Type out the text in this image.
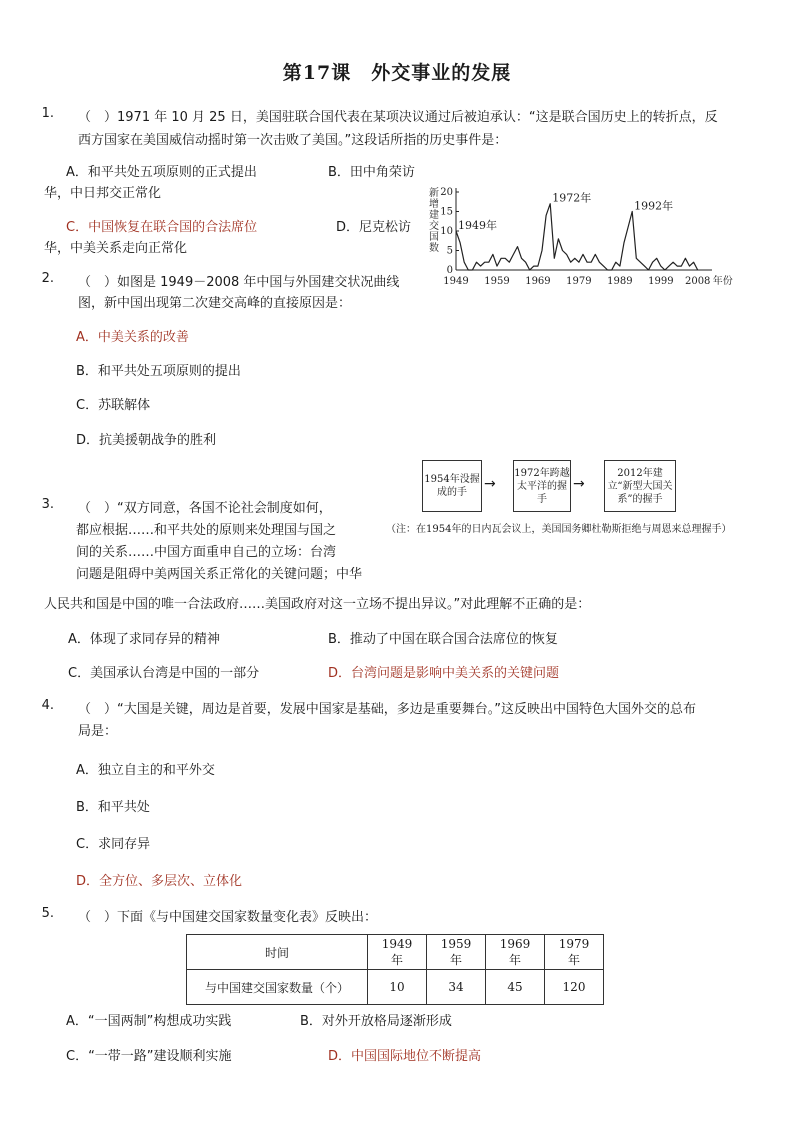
第17课　外交事业的发展
1. （　）1971 年 10 月 25 日，美国驻联合国代表在某项决议通过后被迫承认：“这是联合国历史上的转折点，反
西方国家在美国威信动摇时第一次击败了美国。”这段话所指的历史事件是：
A．和平共处五项原则的正式提出	B．田中角荣访
华，中日邦交正常化
C．中国恢复在联合国的合法席位	D．尼克松访
华，中美关系走向正常化
0
5
10
15
20
新
增
建
交
国
数
1949 1959 1969 1979 1989 1999 2008 年份
1949年
1972年
1992年
2. （　）如图是 1949－2008 年中国与外国建交状况曲线
图，新中国出现第二次建交高峰的直接原因是：
A．中美关系的改善
B．和平共处五项原则的提出
C．苏联解体
D．抗美援朝战争的胜利
1954年没握成的手
→
1972年跨越太平洋的握手
→
2012年建立“新型大国关系”的握手
（注：在1954年的日内瓦会议上，美国国务卿杜勒斯拒绝与周恩来总理握手）
3. （　）“双方同意，各国不论社会制度如何，
都应根据……和平共处的原则来处理国与国之
间的关系……中国方面重申自己的立场：台湾
问题是阻碍中美两国关系正常化的关键问题；中华
人民共和国是中国的唯一合法政府……美国政府对这一立场不提出异议。”对此理解不正确的是：
A．体现了求同存异的精神	B．推动了中国在联合国合法席位的恢复
C．美国承认台湾是中国的一部分	D．台湾问题是影响中美关系的关键问题
4. （　）“大国是关键，周边是首要，发展中国家是基础，多边是重要舞台。”这反映出中国特色大国外交的总布
局是：
A．独立自主的和平外交
B．和平共处
C．求同存异
D．全方位、多层次、立体化
5. （　）下面《与中国建交国家数量变化表》反映出：
时间	1949 年	1959 年	1969 年	1979 年
与中国建交国家数量（个）	10	34	45	120
A．“一国两制”构想成功实践	B．对外开放格局逐渐形成
C．“一带一路”建设顺利实施	D．中国国际地位不断提高
